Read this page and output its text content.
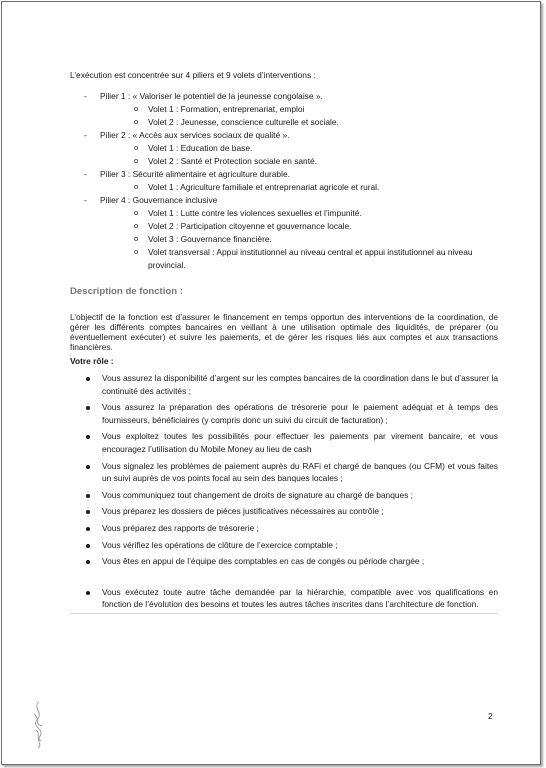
L’exécution est concentrée sur 4 piliers et 9 volets d’interventions :

- Pilier 1 : « Valoriser le potentiel de la jeunesse congolaise ».
o Volet 1 : Formation, entreprenariat, emploi
o Volet 2 : Jeunesse, conscience culturelle et sociale.
- Pilier 2 : « Accès aux services sociaux de qualité ».
o Volet 1 : Education de base.
o Volet 2 : Santé et Protection sociale en santé.
- Pilier 3 : Sécurité alimentaire et agriculture durable.
o Volet 1 : Agriculture familiale et entreprenariat agricole et rural.
- Pilier 4 : Gouvernance inclusive
o Volet 1 : Lutte contre les violences sexuelles et l’impunité.
o Volet 2 : Participation citoyenne et gouvernance locale.
o Volet 3 : Gouvernance financière.
o Volet transversal : Appui institutionnel au niveau central et appui institutionnel au niveau provincial.
Description de fonction :

L’objectif de la fonction est d’assurer le financement en temps opportun des interventions de la coordination, de gérer les différents comptes bancaires en veillant à une utilisation optimale des liquidités, de préparer (ou éventuellement exécuter) et suivre les paiements, et de gérer les risques liés aux comptes et aux transactions financières.

Votre rôle :

Vous assurez la disponibilité d’argent sur les comptes bancaires de la coordination dans le but d’assurer la continuité des activités ;
Vous assurez la préparation des opérations de trésorerie pour le paiement adéquat et à temps des fournisseurs, bénéficiaires (y compris donc un suivi du circuit de facturation) ;
Vous exploitez toutes les possibilités pour effectuer les paiements par virement bancaire, et vous encouragez l’utilisation du Mobile Money au lieu de cash
Vous signalez les problèmes de paiement auprès du RAFi et chargé de banques (ou CFM) et vous faites un suivi auprès de vos points focal au sein des banques locales ;
Vous communiquez tout changement de droits de signature au chargé de banques ;
Vous préparez les dossiers de pièces justificatives nécessaires au contrôle ;
Vous préparez des rapports de trésorerie ;
Vous vérifiez les opérations de clôture de l’exercice comptable ;
Vous êtes en appui de l’équipe des comptables en cas de congés ou période chargée ;
Vous exécutez toute autre tâche demandée par la hiérarchie, compatible avec vos qualifications en fonction de l’évolution des besoins et toutes les autres tâches inscrites dans l’architecture de fonction.
2
